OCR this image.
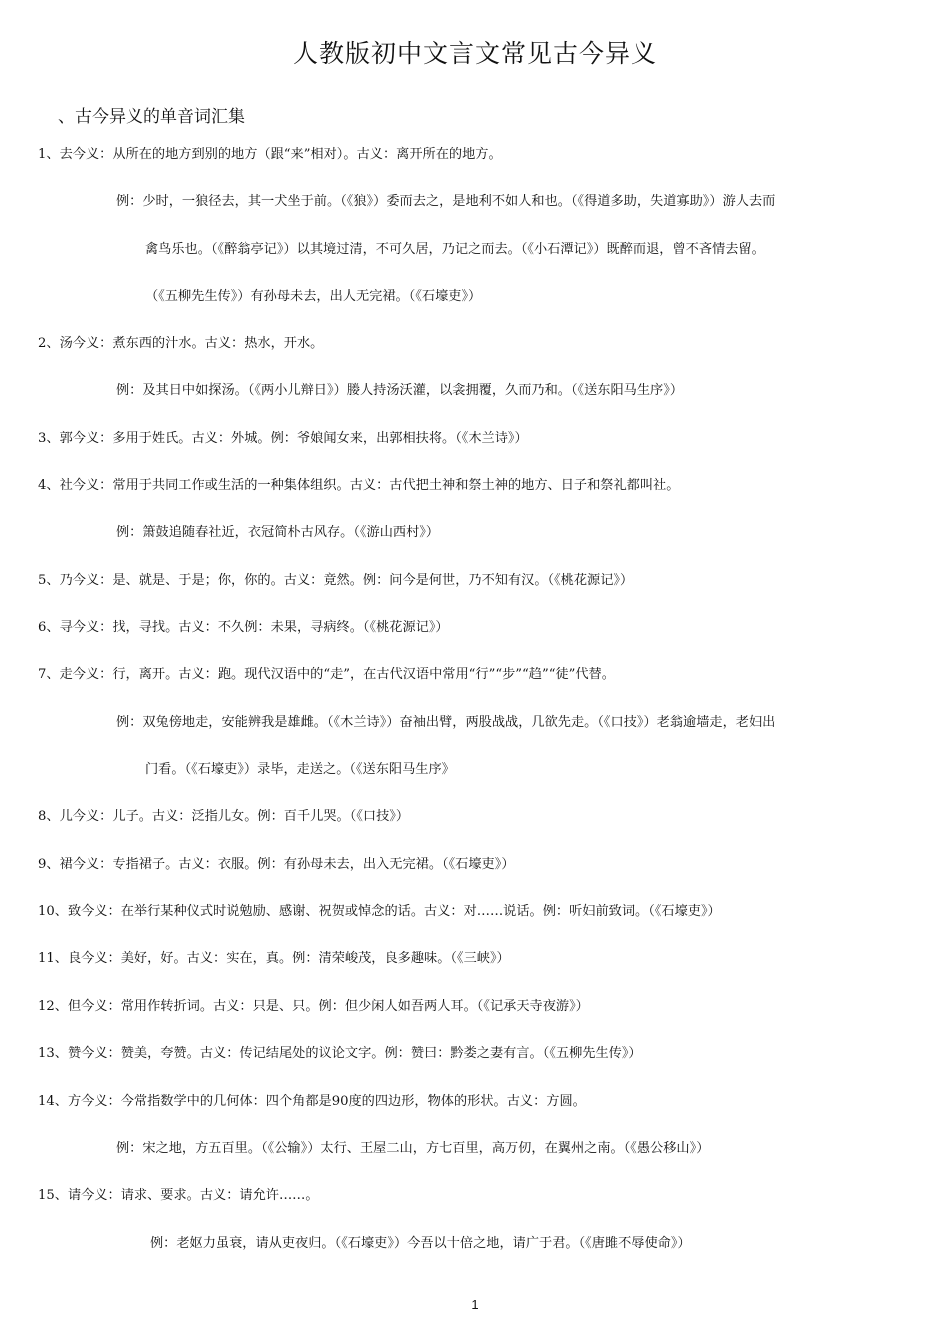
人教版初中文言文常见古今异义
、古今异义的单音词汇集
1、去今义：从所在的地方到别的地方（跟“来”相对）。古义：离开所在的地方。
例：少时，一狼径去，其一犬坐于前。（《狼》）委而去之，是地利不如人和也。（《得道多助，失道寡助》）游人去而
禽鸟乐也。（《醉翁亭记》）以其境过清，不可久居，乃记之而去。（《小石潭记》）既醉而退，曾不吝情去留。
（《五柳先生传》）有孙母未去，出人无完裙。（《石壕吏》）
2、汤今义：煮东西的汁水。古义：热水，开水。
例：及其日中如探汤。（《两小儿辩日》）媵人持汤沃灌，以衾拥覆，久而乃和。（《送东阳马生序》）
3、郭今义：多用于姓氏。古义：外城。例：爷娘闻女来，出郭相扶将。（《木兰诗》）
4、社今义：常用于共同工作或生活的一种集体组织。古义：古代把土神和祭土神的地方、日子和祭礼都叫社。
例：箫鼓追随春社近，衣冠简朴古风存。（《游山西村》）
5、乃今义：是、就是、于是；你，你的。古义：竟然。例：问今是何世，乃不知有汉。（《桃花源记》）
6、寻今义：找，寻找。古义：不久例：未果，寻病终。（《桃花源记》）
7、走今义：行，离开。古义：跑。现代汉语中的“走”，在古代汉语中常用“行”“步”“趋”“徒”代替。
例：双兔傍地走，安能辨我是雄雌。（《木兰诗》）奋袖出臂，两股战战，几欲先走。（《口技》）老翁逾墙走，老妇出
门看。（《石壕吏》）录毕，走送之。（《送东阳马生序》
8、儿今义：儿子。古义：泛指儿女。例：百千儿哭。（《口技》）
9、裙今义：专指裙子。古义：衣服。例：有孙母未去，出入无完裙。（《石壕吏》）
10、致今义：在举行某种仪式时说勉励、感谢、祝贺或悼念的话。古义：对……说话。例：听妇前致词。（《石壕吏》）
11、良今义：美好，好。古义：实在，真。例：清荣峻茂，良多趣味。（《三峡》）
12、但今义：常用作转折词。古义：只是、只。例：但少闲人如吾两人耳。（《记承天寺夜游》）
13、赞今义：赞美，夸赞。古义：传记结尾处的议论文字。例：赞曰：黔娄之妻有言。（《五柳先生传》）
14、方今义：今常指数学中的几何体：四个角都是90度的四边形，物体的形状。古义：方圆。
例：宋之地，方五百里。（《公输》）太行、王屋二山，方七百里，高万仞，在翼州之南。（《愚公移山》）
15、请今义：请求、要求。古义：请允许……。
例：老妪力虽衰，请从吏夜归。（《石壕吏》）今吾以十倍之地，请广于君。（《唐雎不辱使命》）
1
